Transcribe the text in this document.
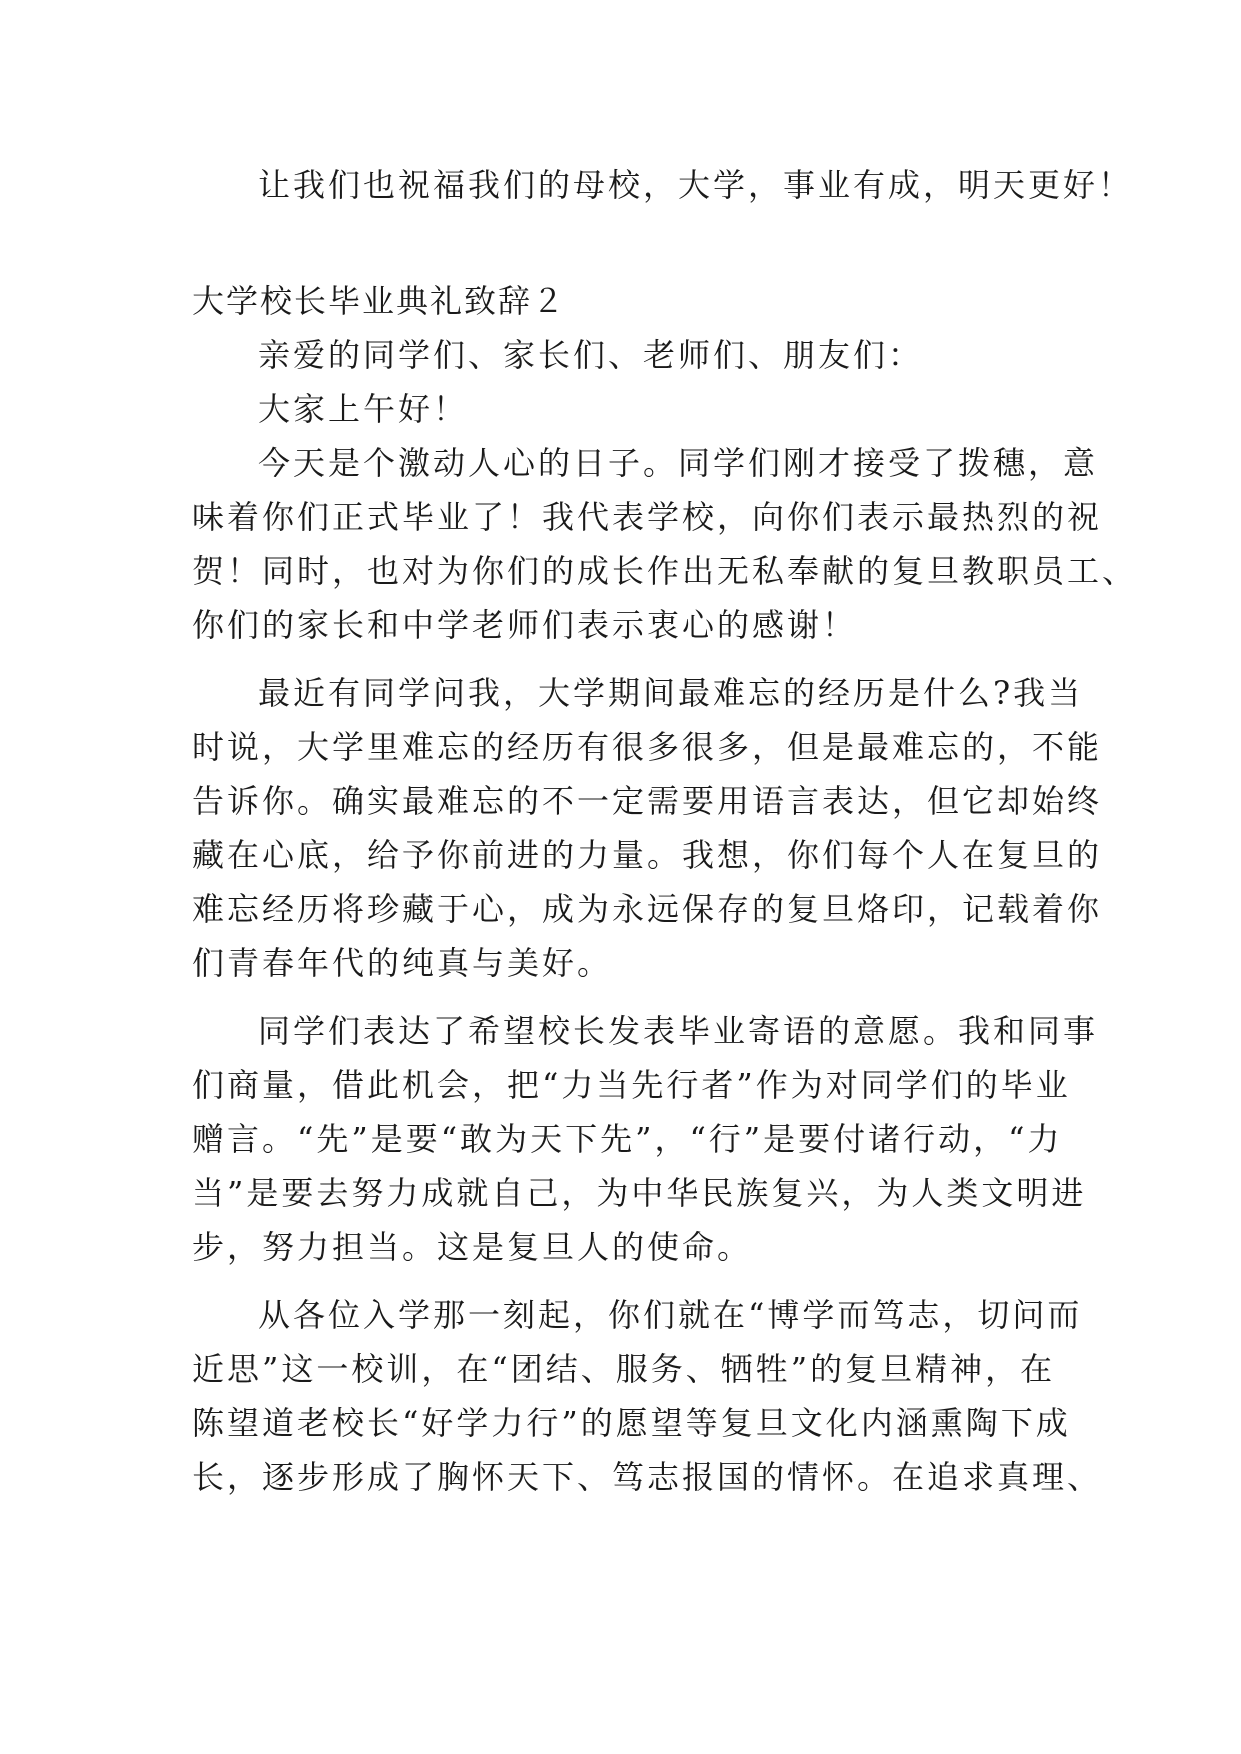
让我们也祝福我们的母校，大学，事业有成，明天更好！
大学校长毕业典礼致辞２
亲爱的同学们、家长们、老师们、朋友们：
大家上午好！
今天是个激动人心的日子。同学们刚才接受了拨穗，意
味着你们正式毕业了！我代表学校，向你们表示最热烈的祝
贺！同时，也对为你们的成长作出无私奉献的复旦教职员工、
你们的家长和中学老师们表示衷心的感谢！
最近有同学问我，大学期间最难忘的经历是什么?我当
时说，大学里难忘的经历有很多很多，但是最难忘的，不能
告诉你。确实最难忘的不一定需要用语言表达，但它却始终
藏在心底，给予你前进的力量。我想，你们每个人在复旦的
难忘经历将珍藏于心，成为永远保存的复旦烙印，记载着你
们青春年代的纯真与美好。
同学们表达了希望校长发表毕业寄语的意愿。我和同事
们商量，借此机会，把“力当先行者”作为对同学们的毕业
赠言。“先”是要“敢为天下先”，“行”是要付诸行动，“力
当”是要去努力成就自己，为中华民族复兴，为人类文明进
步，努力担当。这是复旦人的使命。
从各位入学那一刻起，你们就在“博学而笃志，切问而
近思”这一校训，在“团结、服务、牺牲”的复旦精神，在
陈望道老校长“好学力行”的愿望等复旦文化内涵熏陶下成
长，逐步形成了胸怀天下、笃志报国的情怀。在追求真理、
